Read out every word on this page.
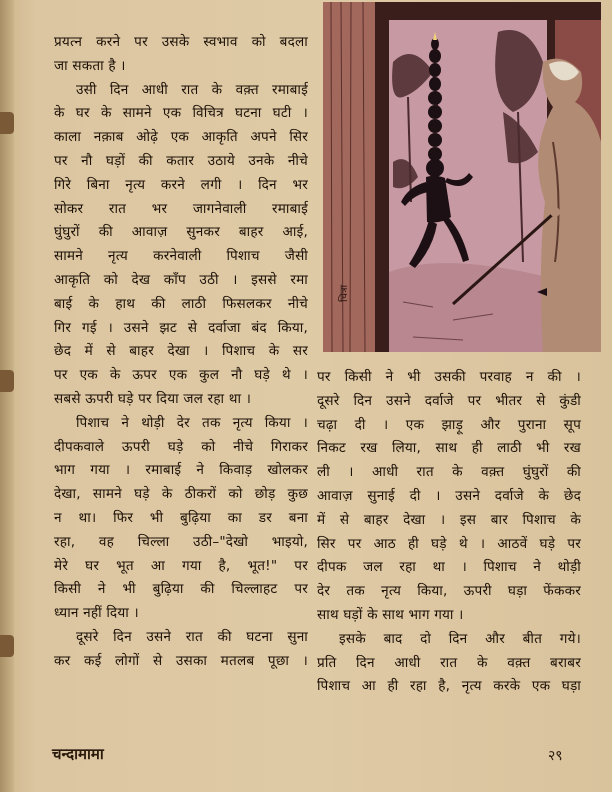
प्रयत्न करने पर उसके स्वभाव को बदला

जा सकता है ।

उसी दिन आधी रात के वक़्त रमाबाई

के घर के सामने एक विचित्र घटना घटी ।

काला नक़ाब ओढ़े एक आकृति अपने सिर

पर नौ घड़ों की कतार उठाये उनके नीचे

गिरे बिना नृत्य करने लगी । दिन भर

सोकर रात भर जागनेवाली रमाबाई

घुंघुरों की आवाज़ सुनकर बाहर आई,

सामने नृत्य करनेवाली पिशाच जैसी

आकृति को देख काँप उठी । इससे रमा

बाई के हाथ की लाठी फिसलकर नीचे

गिर गई । उसने झट से दर्वाजा बंद किया,

छेद में से बाहर देखा । पिशाच के सर

पर एक के ऊपर एक कुल नौ घड़े थे ।

सबसे ऊपरी घड़े पर दिया जल रहा था ।

पिशाच ने थोड़ी देर तक नृत्य किया ।

दीपकवाले ऊपरी घड़े को नीचे गिराकर

भाग गया । रमाबाई ने किवाड़ खोलकर

देखा, सामने घड़े के ठीकरों को छोड़ कुछ

न था। फिर भी बुढ़िया का डर बना

रहा, वह चिल्ला उठी–"देखो भाइयो,

मेरे घर भूत आ गया है, भूत!" पर

किसी ने भी बुढ़िया की चिल्लाहट पर

ध्यान नहीं दिया ।

दूसरे दिन उसने रात की घटना सुना

कर कई लोगों से उसका मतलब पूछा ।

चित्रा

पर किसी ने भी उसकी परवाह न की ।

दूसरे दिन उसने दर्वाजे पर भीतर से कुंडी

चढ़ा दी । एक झाड़ू और पुराना सूप

निकट रख लिया, साथ ही लाठी भी रख

ली । आधी रात के वक़्त घुंघुरों की

आवाज़ सुनाई दी । उसने दर्वाजे के छेद

में से बाहर देखा । इस बार पिशाच के

सिर पर आठ ही घड़े थे । आठवें घड़े पर

दीपक जल रहा था । पिशाच ने थोड़ी

देर तक नृत्य किया, ऊपरी घड़ा फेंककर

साथ घड़ों के साथ भाग गया ।

इसके बाद दो दिन और बीत गये।

प्रति दिन आधी रात के वक़्त बराबर

पिशाच आ ही रहा है, नृत्य करके एक घड़ा

चन्दामामा	२९
